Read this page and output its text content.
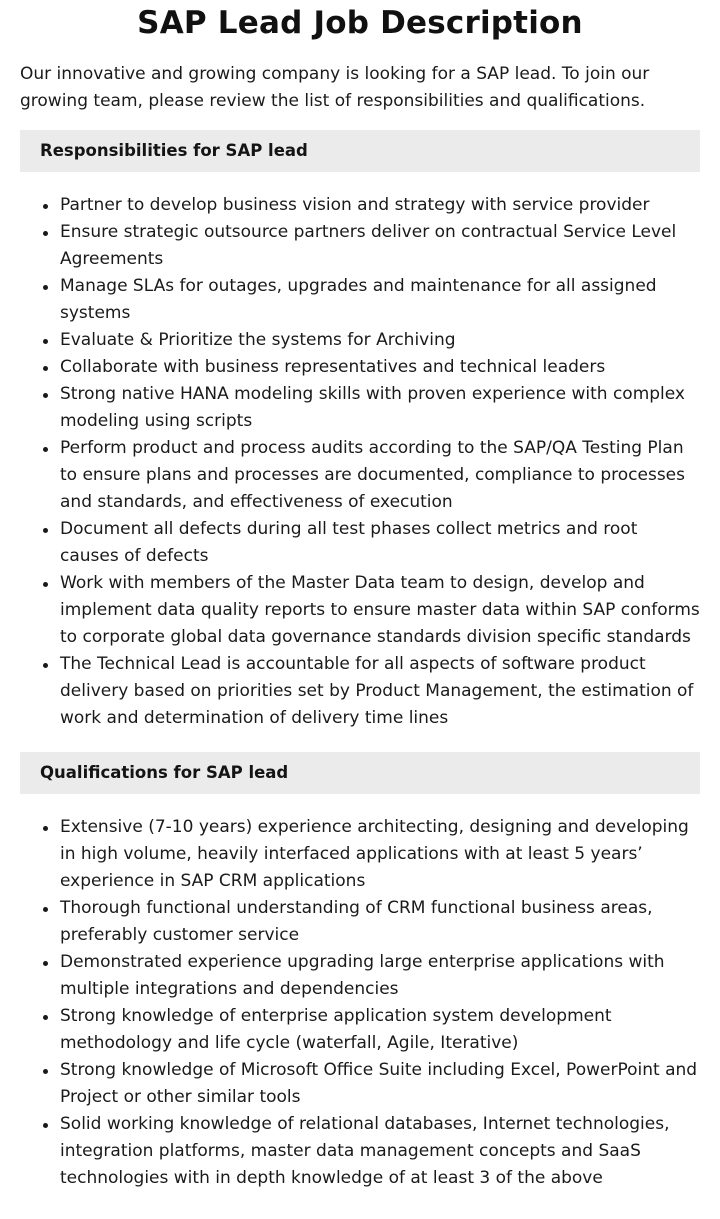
SAP Lead Job Description

Our innovative and growing company is looking for a SAP lead. To join our growing team, please review the list of responsibilities and qualifications.

Responsibilities for SAP lead
Partner to develop business vision and strategy with service provider
Ensure strategic outsource partners deliver on contractual Service Level Agreements
Manage SLAs for outages, upgrades and maintenance for all assigned systems
Evaluate & Prioritize the systems for Archiving
Collaborate with business representatives and technical leaders
Strong native HANA modeling skills with proven experience with complex modeling using scripts
Perform product and process audits according to the SAP/QA Testing Plan to ensure plans and processes are documented, compliance to processes and standards, and effectiveness of execution
Document all defects during all test phases collect metrics and root causes of defects
Work with members of the Master Data team to design, develop and implement data quality reports to ensure master data within SAP conforms to corporate global data governance standards division specific standards
The Technical Lead is accountable for all aspects of software product delivery based on priorities set by Product Management, the estimation of work and determination of delivery time lines
Qualifications for SAP lead
Extensive (7-10 years) experience architecting, designing and developing in high volume, heavily interfaced applications with at least 5 years’ experience in SAP CRM applications
Thorough functional understanding of CRM functional business areas, preferably customer service
Demonstrated experience upgrading large enterprise applications with multiple integrations and dependencies
Strong knowledge of enterprise application system development methodology and life cycle (waterfall, Agile, Iterative)
Strong knowledge of Microsoft Office Suite including Excel, PowerPoint and Project or other similar tools
Solid working knowledge of relational databases, Internet technologies, integration platforms, master data management concepts and SaaS technologies with in depth knowledge of at least 3 of the above
